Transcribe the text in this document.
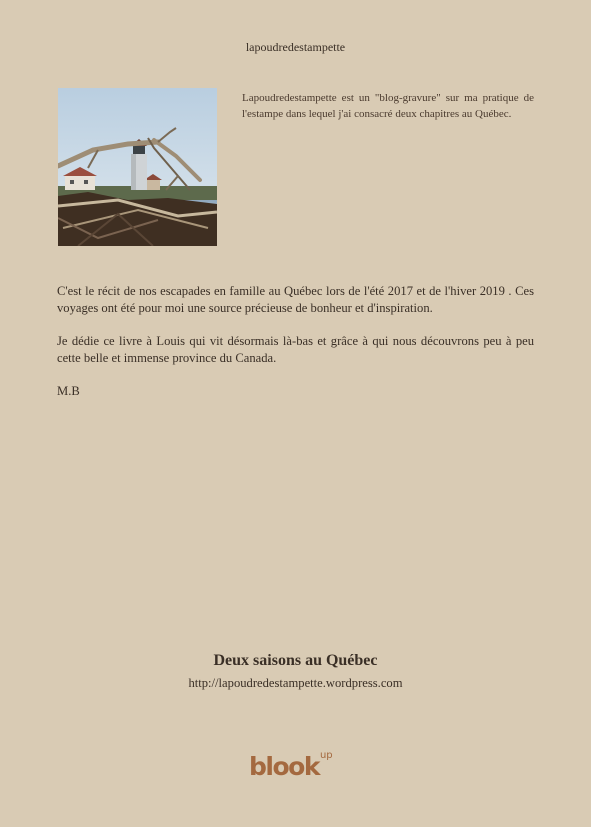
lapoudredestampette
Lapoudredestampette est un "blog-gravure" sur ma pratique de l'estampe dans lequel j'ai consacré deux chapitres au Québec.

C'est le récit de nos escapades en famille au Québec lors de l'été 2017 et de l'hiver 2019 . Ces voyages ont été pour moi une source précieuse de bonheur et d'inspiration.

Je dédie ce livre à Louis qui vit désormais là-bas et grâce à qui nous découvrons peu à peu cette belle et immense province du Canada.

M.B

Deux saisons au Québec
http://lapoudredestampette.wordpress.com
blook$^{up}$
